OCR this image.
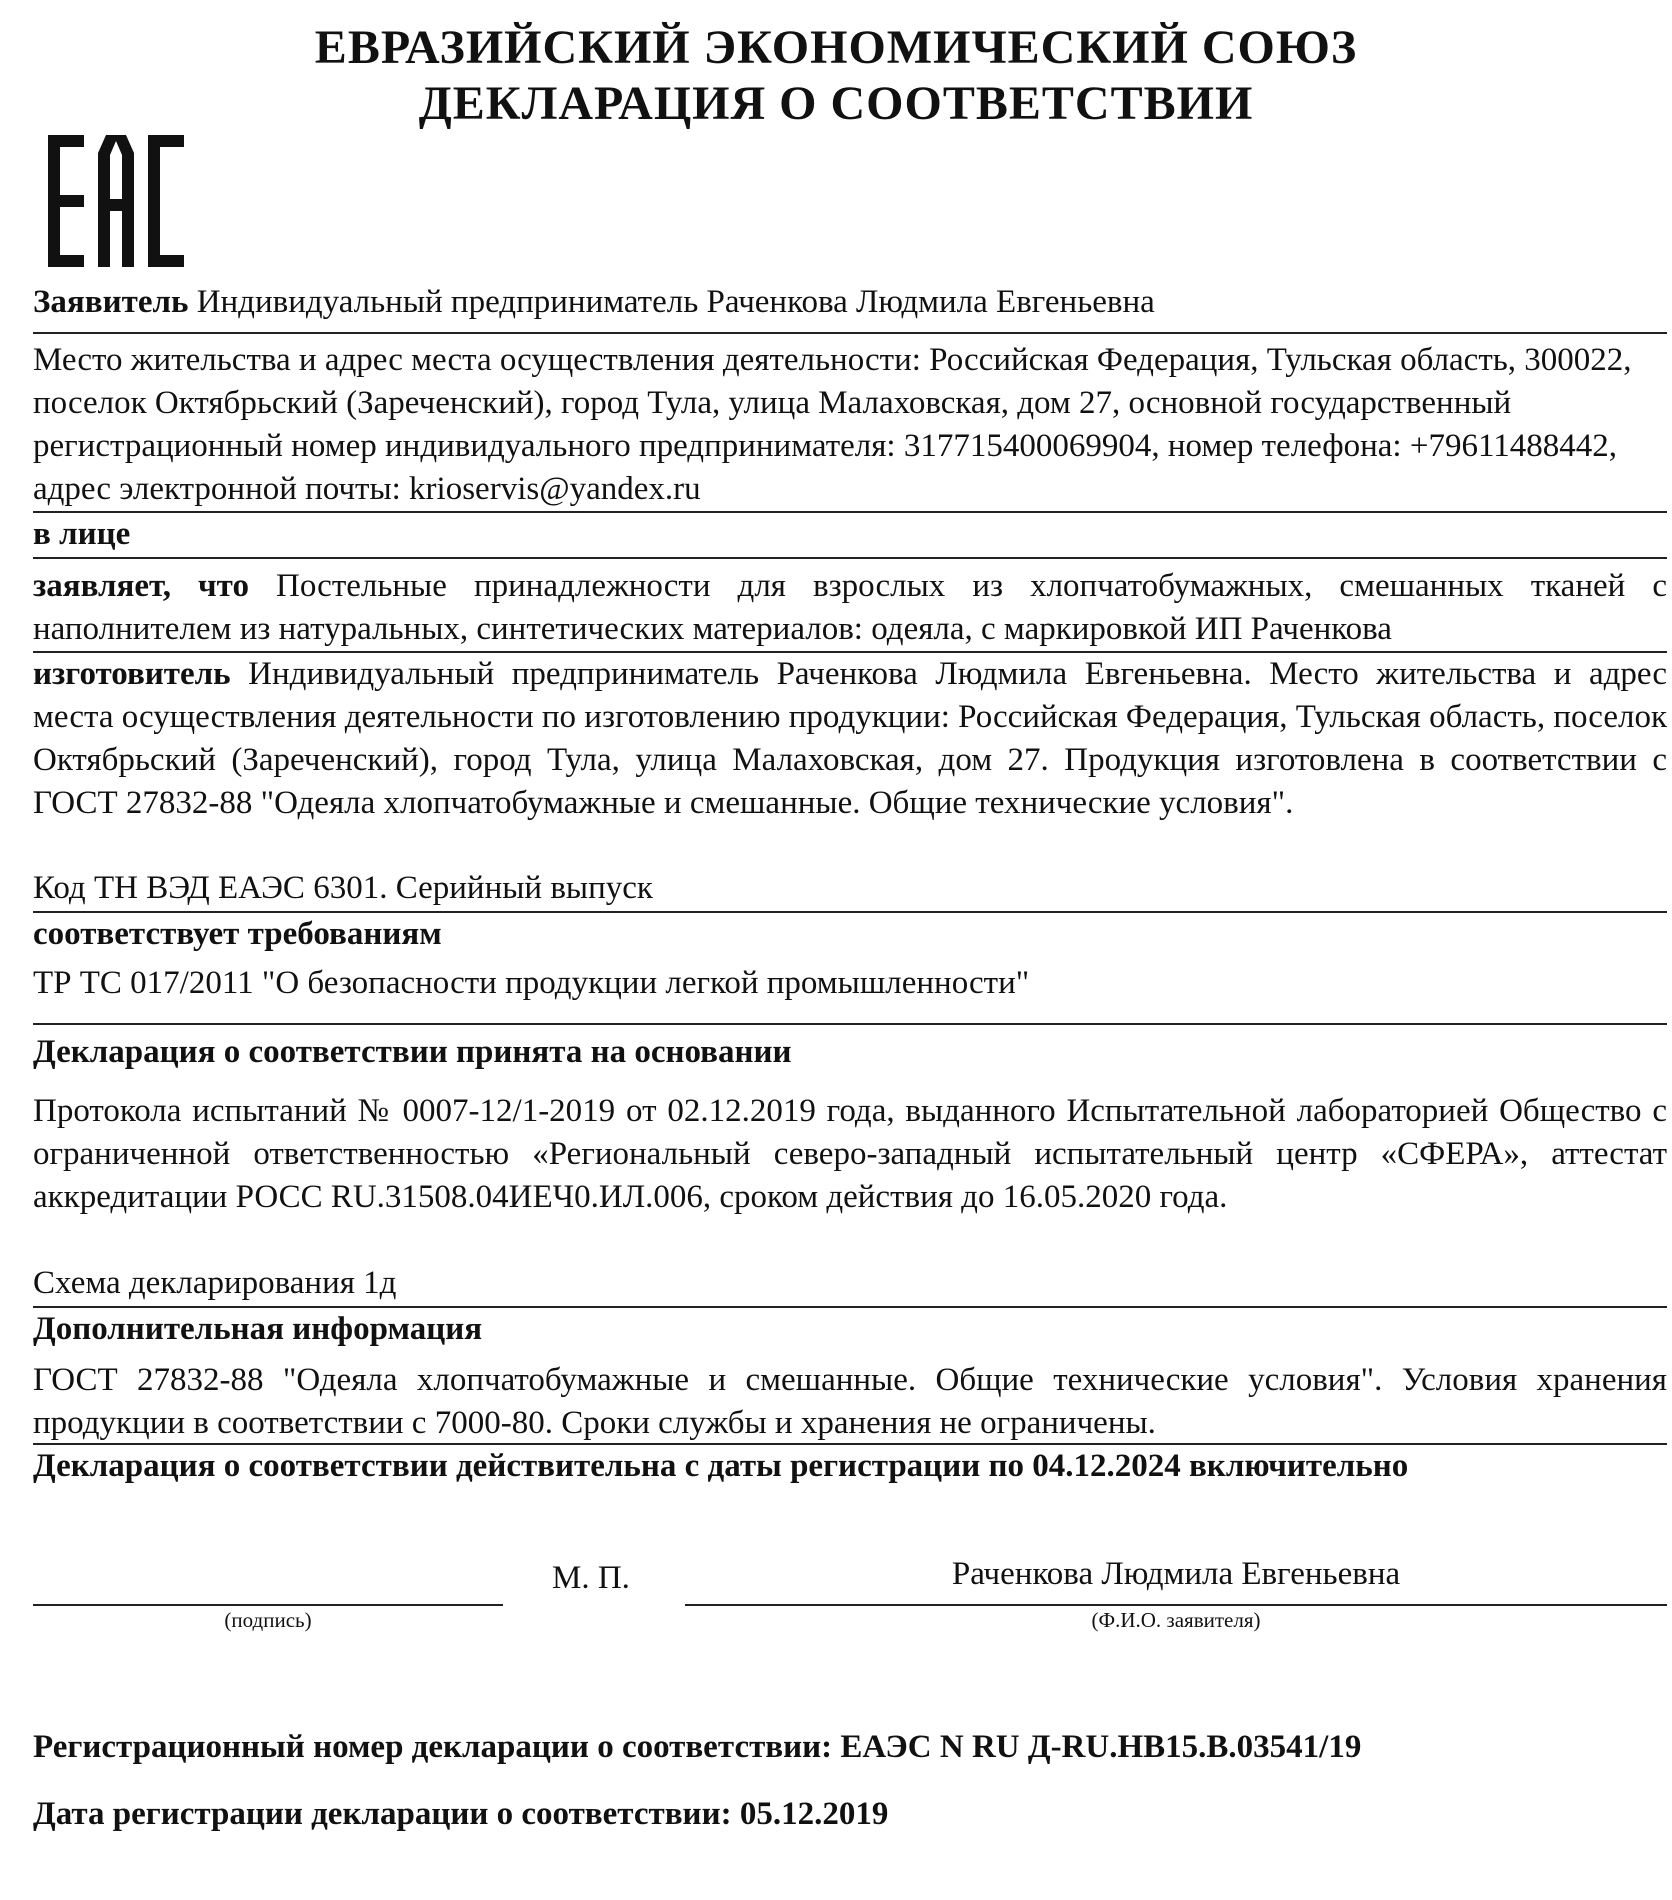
ЕВРАЗИЙСКИЙ ЭКОНОМИЧЕСКИЙ СОЮЗ
ДЕКЛАРАЦИЯ О СООТВЕТСТВИИ
Заявитель Индивидуальный предприниматель Раченкова Людмила Евгеньевна
Место жительства и адрес места осуществления деятельности: Российская Федерация, Тульская область, 300022, поселок Октябрьский (Зареченский), город Тула, улица Малаховская, дом 27, основной государственный регистрационный номер индивидуального предпринимателя: 317715400069904, номер телефона: +79611488442, адрес электронной почты: krioservis@yandex.ru
в лице
заявляет, что Постельные принадлежности для взрослых из хлопчатобумажных, смешанных тканей с наполнителем из натуральных, синтетических материалов: одеяла, с маркировкой ИП Раченкова
изготовитель Индивидуальный предприниматель Раченкова Людмила Евгеньевна. Место жительства и адрес места осуществления деятельности по изготовлению продукции: Российская Федерация, Тульская область, поселок Октябрьский (Зареченский), город Тула, улица Малаховская, дом 27. Продукция изготовлена в соответствии с ГОСТ 27832-88 "Одеяла хлопчатобумажные и смешанные. Общие технические условия".
Код ТН ВЭД ЕАЭС 6301. Серийный выпуск
соответствует требованиям
ТР ТС 017/2011 "О безопасности продукции легкой промышленности"
Декларация о соответствии принята на основании
Протокола испытаний № 0007-12/1-2019 от 02.12.2019 года, выданного Испытательной лабораторией Общество с ограниченной ответственностью «Региональный северо-западный испытательный центр «СФЕРА», аттестат аккредитации РОСС RU.31508.04ИЕЧ0.ИЛ.006, сроком действия до 16.05.2020 года.
Схема декларирования 1д
Дополнительная информация
ГОСТ 27832-88 "Одеяла хлопчатобумажные и смешанные. Общие технические условия". Условия хранения продукции в соответствии с 7000-80. Сроки службы и хранения не ограничены.
Декларация о соответствии действительна с даты регистрации по 04.12.2024 включительно
(подпись)
М. П.	Раченкова Людмила Евгеньевна
(Ф.И.О. заявителя)
Регистрационный номер декларации о соответствии: ЕАЭС N RU Д-RU.НВ15.В.03541/19
Дата регистрации декларации о соответствии: 05.12.2019
